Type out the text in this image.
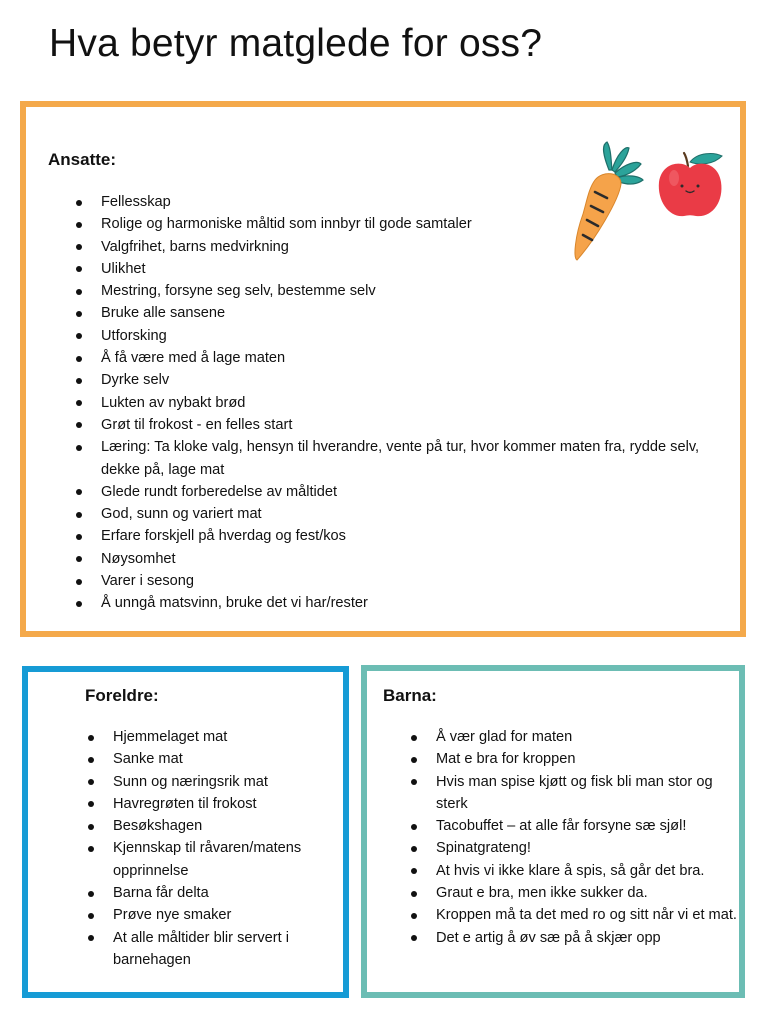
Hva betyr matglede for oss?
Ansatte:
Fellesskap
Rolige og harmoniske måltid som innbyr til gode samtaler
Valgfrihet, barns medvirkning
Ulikhet
Mestring, forsyne seg selv, bestemme selv
Bruke alle sansene
Utforsking
Å få være med å lage maten
Dyrke selv
Lukten av nybakt brød
Grøt til frokost - en felles start
Læring: Ta kloke valg, hensyn til hverandre, vente på tur, hvor kommer maten fra, rydde selv, dekke på, lage mat
Glede rundt forberedelse av måltidet
God, sunn og variert mat
Erfare forskjell på hverdag og fest/kos
Nøysomhet
Varer i sesong
Å unngå matsvinn, bruke det vi har/rester
Foreldre:
Hjemmelaget mat
Sanke mat
Sunn og næringsrik mat
Havregrøten til frokost
Besøkshagen
Kjennskap til råvaren/matens opprinnelse
Barna får delta
Prøve nye smaker
At alle måltider blir servert i barnehagen
Barna:
Å vær glad for maten
Mat e bra for kroppen
Hvis man spise kjøtt og fisk bli man stor og sterk
Tacobuffet – at alle får forsyne sæ sjøl!
Spinatgrateng!
At hvis vi ikke klare å spis, så går det bra.
Graut e bra, men ikke sukker da.
Kroppen må ta det med ro og sitt når vi et mat.
Det e artig å øv sæ på å skjær opp
